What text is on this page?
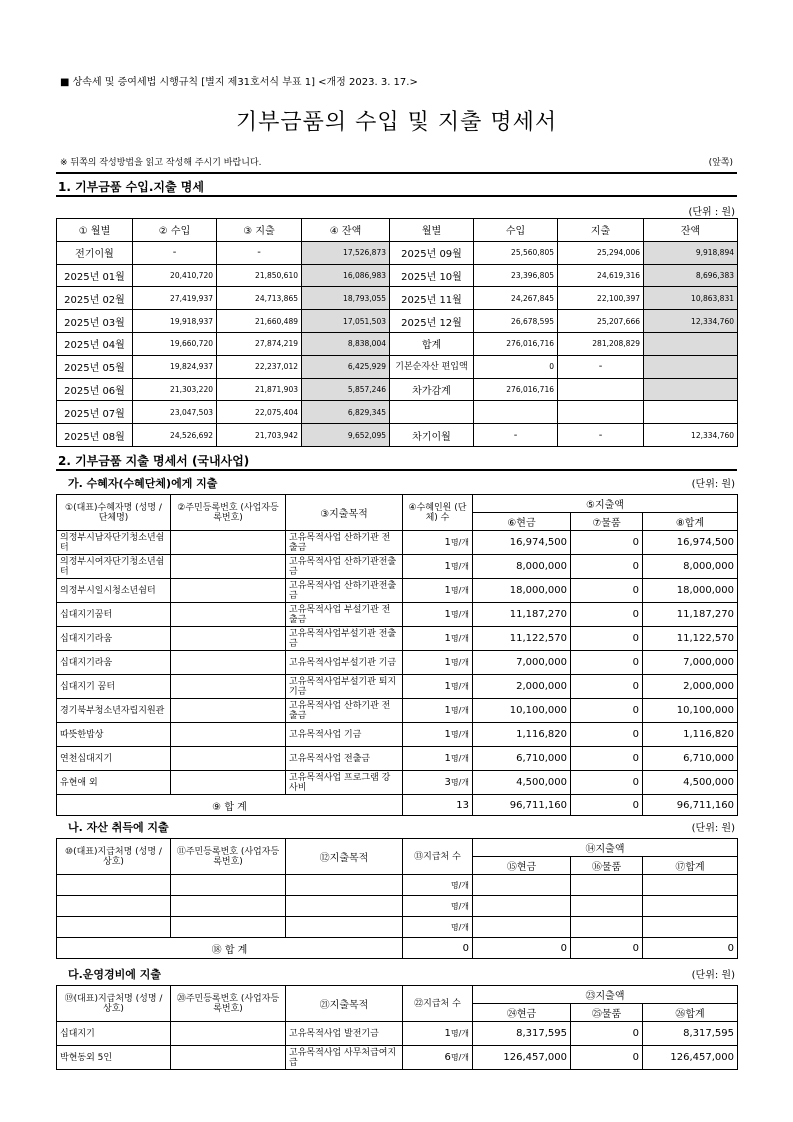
■ 상속세 및 증여세법 시행규칙 [별지 제31호서식 부표 1] <개정 2023. 3. 17.>
기부금품의 수입 및 지출 명세서
※ 뒤쪽의 작성방법을 읽고 작성해 주시기 바랍니다.	(앞쪽)
1. 기부금품 수입.지출 명세
(단위 : 원)
① 월별	② 수입	③ 지출	④ 잔액	월별	수입	지출	잔액
전기이월	-	-	17,526,873	2025년 09월	25,560,805	25,294,006	9,918,894
2025년 01월	20,410,720	21,850,610	16,086,983	2025년 10월	23,396,805	24,619,316	8,696,383
2025년 02월	27,419,937	24,713,865	18,793,055	2025년 11월	24,267,845	22,100,397	10,863,831
2025년 03월	19,918,937	21,660,489	17,051,503	2025년 12월	26,678,595	25,207,666	12,334,760
2025년 04월	19,660,720	27,874,219	8,838,004	합계	276,016,716	281,208,829	
2025년 05월	19,824,937	22,237,012	6,425,929	기본순자산 편입액	0	-	
2025년 06월	21,303,220	21,871,903	5,857,246	차가감계	276,016,716		
2025년 07월	23,047,503	22,075,404	6,829,345				
2025년 08월	24,526,692	21,703,942	9,652,095	차기이월	-	-	12,334,760
2. 기부금품 지출 명세서 (국내사업)
가. 수혜자(수혜단체)에게 지출	(단위: 원)
①(대표)수혜자명 (성명 / 단체명)	②주민등록번호 (사업자등록번호)	③지출목적	④수혜인원 (단체) 수	⑤지출액		
				⑥현금	⑦물품	⑧합계
의정부시남자단기청소년쉼터		고유목적사업 산하기관 전출금	1명/개	16,974,500	0	16,974,500
의정부시여자단기청소년쉼터		고유목적사업 산하기관전출금	1명/개	8,000,000	0	8,000,000
의정부시일시청소년쉼터		고유목적사업 산하기관전출금	1명/개	18,000,000	0	18,000,000
십대지기꿈터		고유목적사업 부설기관 전출금	1명/개	11,187,270	0	11,187,270
십대지기라움		고유목적사업부설기관 전출금	1명/개	11,122,570	0	11,122,570
십대지기라움		고유목적사업부설기관 기금	1명/개	7,000,000	0	7,000,000
십대지기 꿈터		고유목적사업부설기관 퇴지기금	1명/개	2,000,000	0	2,000,000
경기북부청소년자립지원관		고유목적사업 산하기관 전출금	1명/개	10,100,000	0	10,100,000
따뜻한밥상		고유목적사업 기금	1명/개	1,116,820	0	1,116,820
연천십대지기		고유목적사업 전출금	1명/개	6,710,000	0	6,710,000
유현애 외		고유목적사업 프로그램 강사비	3명/개	4,500,000	0	4,500,000
⑨ 합 계			13	96,711,160	0	96,711,160
나. 자산 취득에 지출	(단위: 원)
⑩(대표)지급처명 (성명 / 상호)	⑪주민등록번호 (사업자등록번호)	⑫지출목적	⑬지급처 수	⑭지출액		
				⑮현금	⑯물품	⑰합계
			명/개			
			명/개			
			명/개			
⑱ 합 계			0	0	0	0
다.운영경비에 지출	(단위: 원)
⑲(대표)지급처명 (성명 / 상호)	⑳주민등록번호 (사업자등록번호)	㉑지출목적	㉒지급처 수	㉓지출액		
				㉔현금	㉕물품	㉖합계
십대지기		고유목적사업 발전기금	1명/개	8,317,595	0	8,317,595
박현동외 5인		고유목적사업 사무처급여지급	6명/개	126,457,000	0	126,457,000
